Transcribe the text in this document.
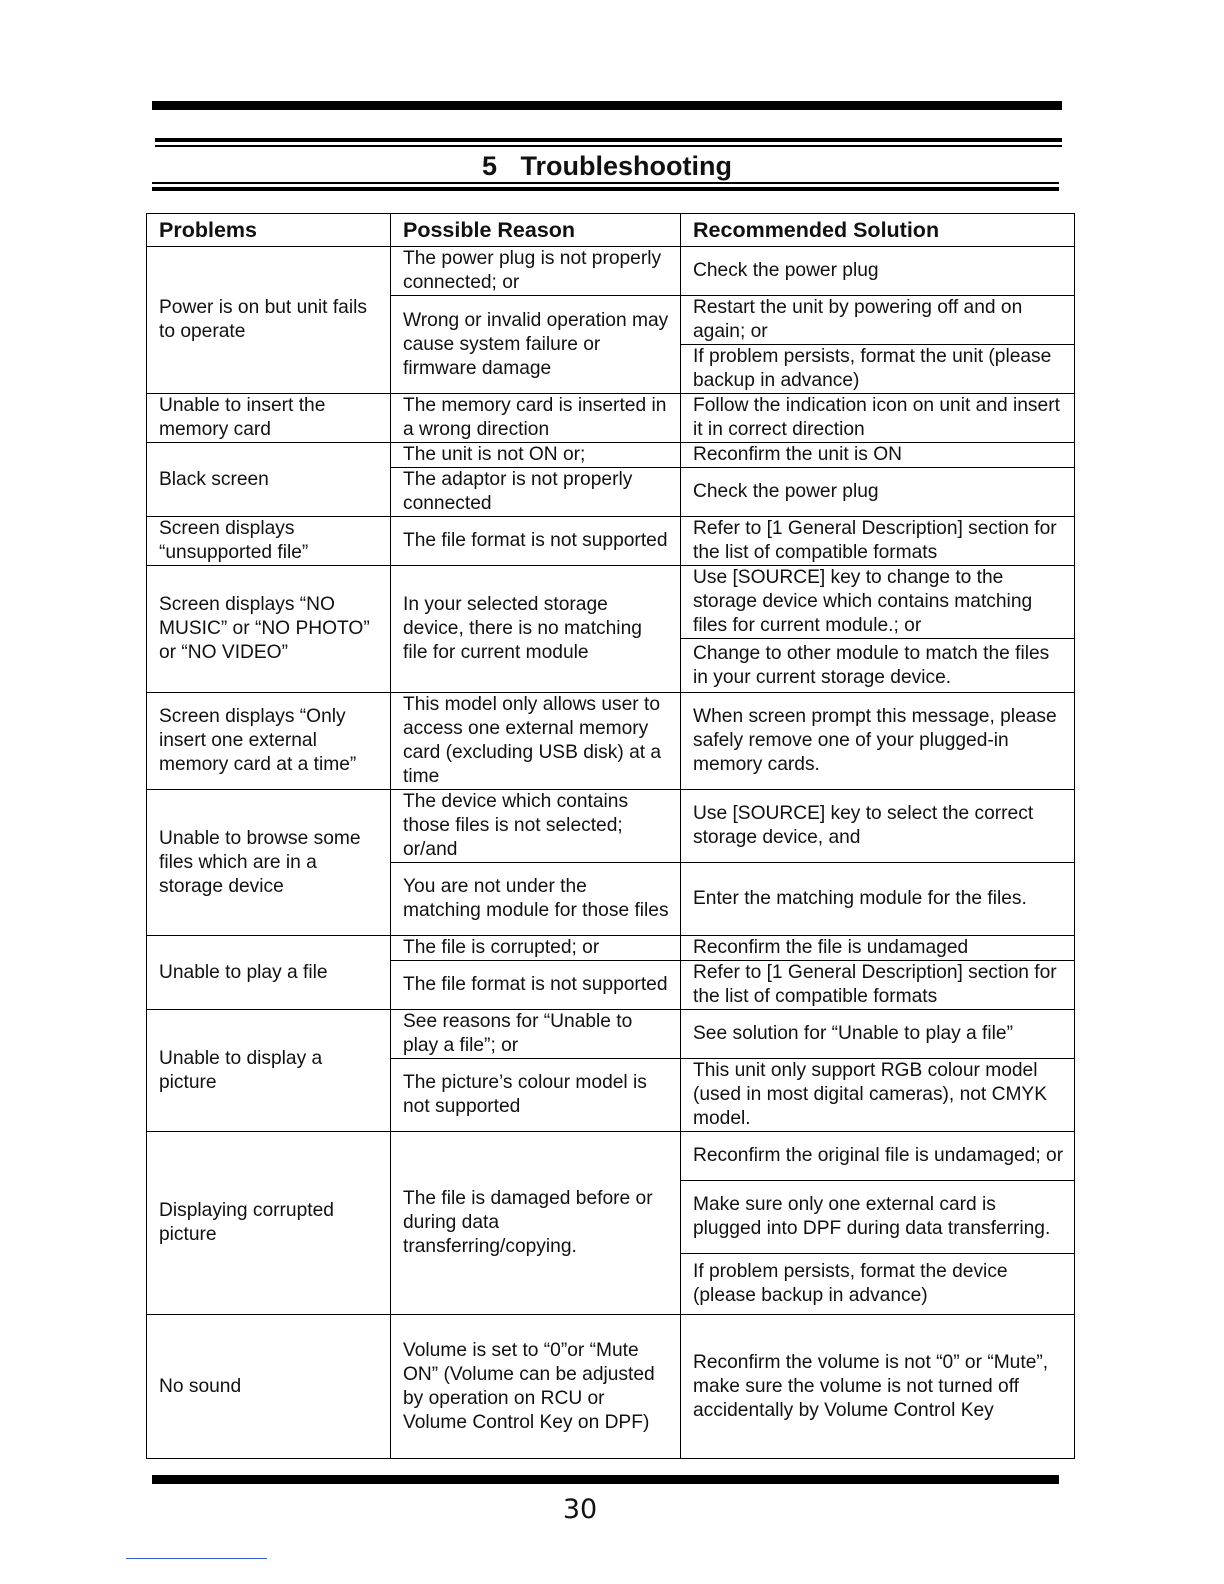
5 Troubleshooting
Problems	Possible Reason	Recommended Solution
Power is on but unit fails to operate	The power plug is not properly connected; or	Check the power plug
	Wrong or invalid operation may cause system failure or firmware damage	Restart the unit by powering off and on again; or
		If problem persists, format the unit (please backup in advance)
Unable to insert the memory card	The memory card is inserted in a wrong direction	Follow the indication icon on unit and insert it in correct direction
Black screen	The unit is not ON or;	Reconfirm the unit is ON
	The adaptor is not properly connected	Check the power plug
Screen displays “unsupported file”	The file format is not supported	Refer to [1 General Description] section for the list of compatible formats
Screen displays “NO MUSIC” or “NO PHOTO” or “NO VIDEO”	In your selected storage device, there is no matching file for current module	Use [SOURCE] key to change to the storage device which contains matching files for current module.; or
		Change to other module to match the files in your current storage device.
Screen displays “Only insert one external memory card at a time”	This model only allows user to access one external memory card (excluding USB disk) at a time	When screen prompt this message, please safely remove one of your plugged-in memory cards.
Unable to browse some files which are in a storage device	The device which contains those files is not selected; or/and	Use [SOURCE] key to select the correct storage device, and
	You are not under the matching module for those files	Enter the matching module for the files.
Unable to play a file	The file is corrupted; or	Reconfirm the file is undamaged
	The file format is not supported	Refer to [1 General Description] section for the list of compatible formats
Unable to display a picture	See reasons for “Unable to play a file”; or	See solution for “Unable to play a file”
	The picture’s colour model is not supported	This unit only support RGB colour model (used in most digital cameras), not CMYK model.
Displaying corrupted picture	The file is damaged before or during data transferring/copying.	Reconfirm the original file is undamaged; or
		Make sure only one external card is plugged into DPF during data transferring.
		If problem persists, format the device (please backup in advance)
No sound	Volume is set to “0”or “Mute ON” (Volume can be adjusted by operation on RCU or Volume Control Key on DPF)	Reconfirm the volume is not “0” or “Mute”, make sure the volume is not turned off accidentally by Volume Control Key
30
